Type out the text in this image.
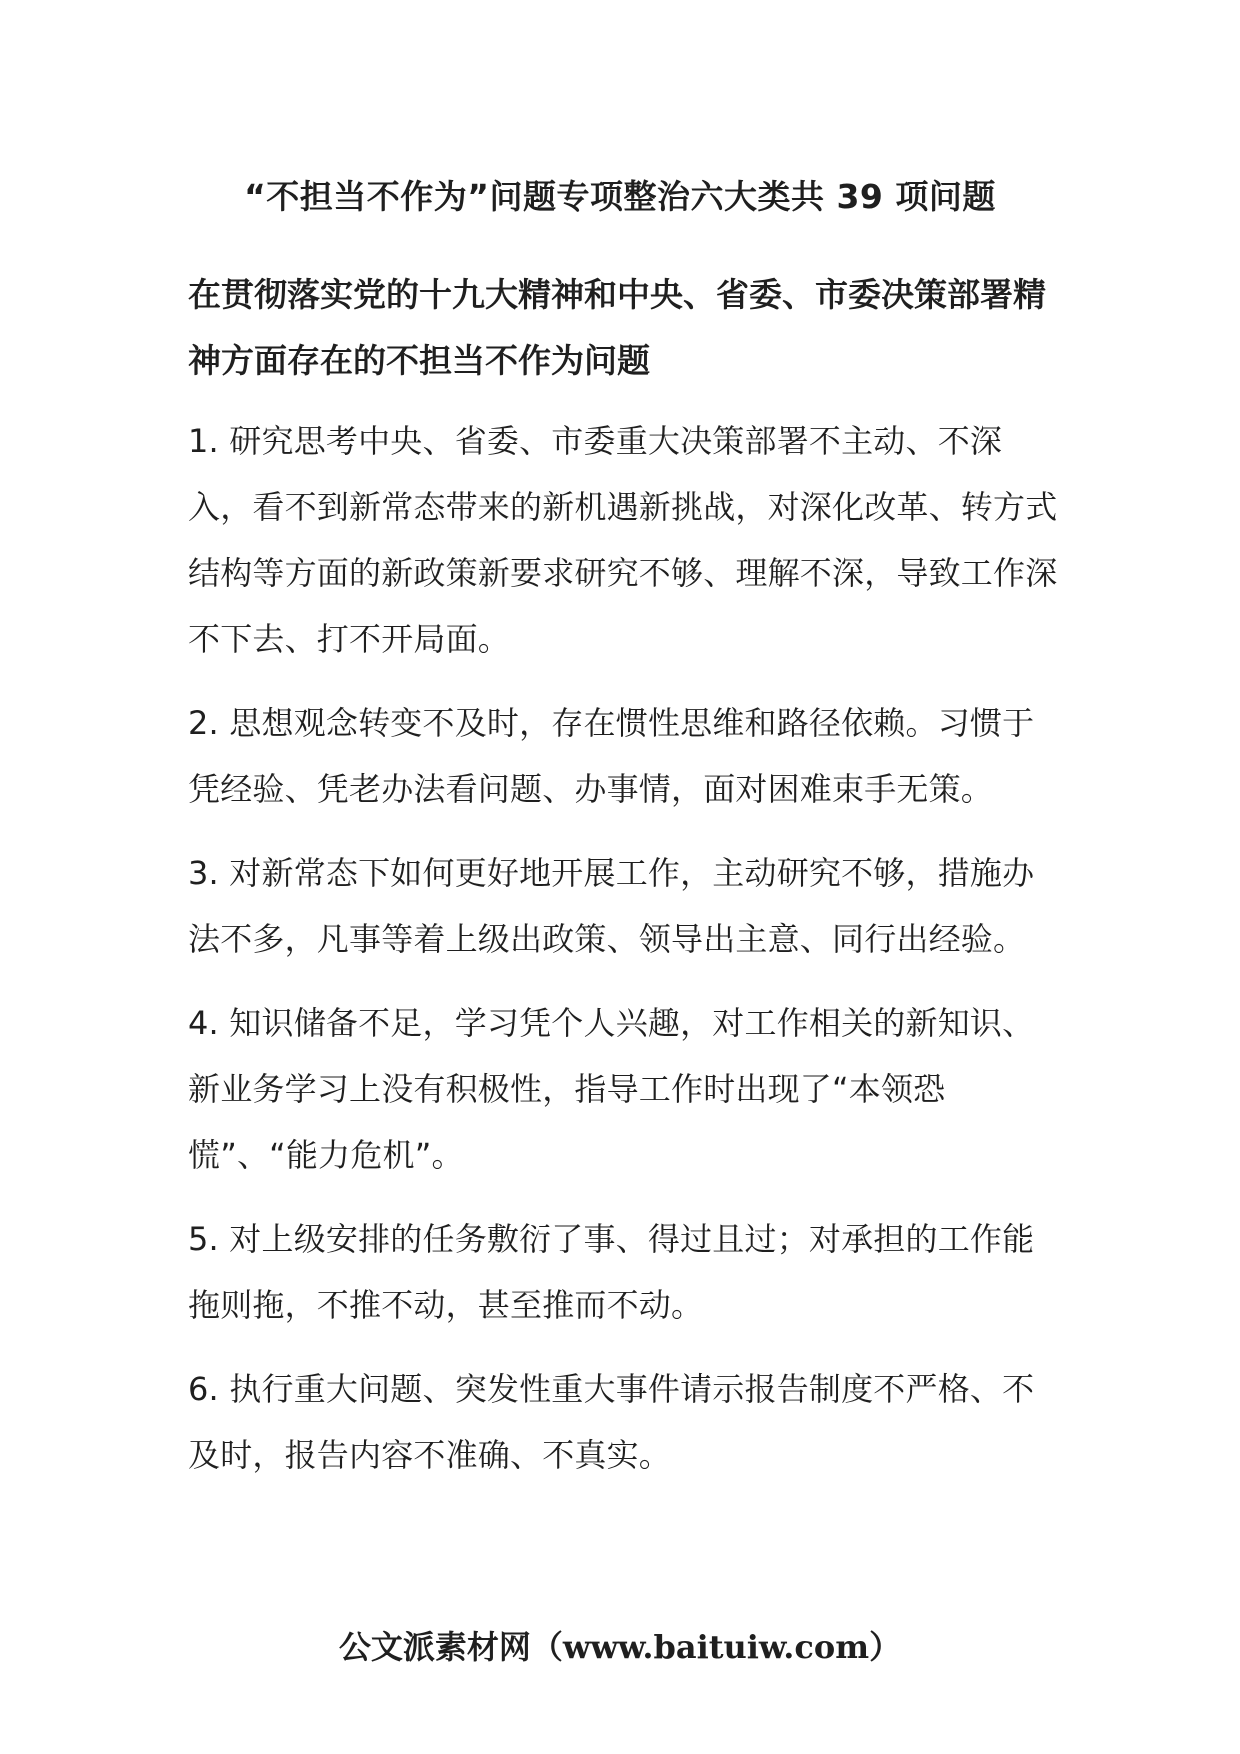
“不担当不作为”问题专项整治六大类共 39 项问题
在贯彻落实党的十九大精神和中央、省委、市委决策部署精神方面存在的不担当不作为问题

1. 研究思考中央、省委、市委重大决策部署不主动、不深入，看不到新常态带来的新机遇新挑战，对深化改革、转方式结构等方面的新政策新要求研究不够、理解不深，导致工作深不下去、打不开局面。

2. 思想观念转变不及时，存在惯性思维和路径依赖。习惯于凭经验、凭老办法看问题、办事情，面对困难束手无策。

3. 对新常态下如何更好地开展工作，主动研究不够，措施办法不多，凡事等着上级出政策、领导出主意、同行出经验。

4. 知识储备不足，学习凭个人兴趣，对工作相关的新知识、新业务学习上没有积极性，指导工作时出现了“本领恐慌”、“能力危机”。

5. 对上级安排的任务敷衍了事、得过且过；对承担的工作能拖则拖，不推不动，甚至推而不动。

6. 执行重大问题、突发性重大事件请示报告制度不严格、不及时，报告内容不准确、不真实。

公文派素材网（www.baituiw.com）
